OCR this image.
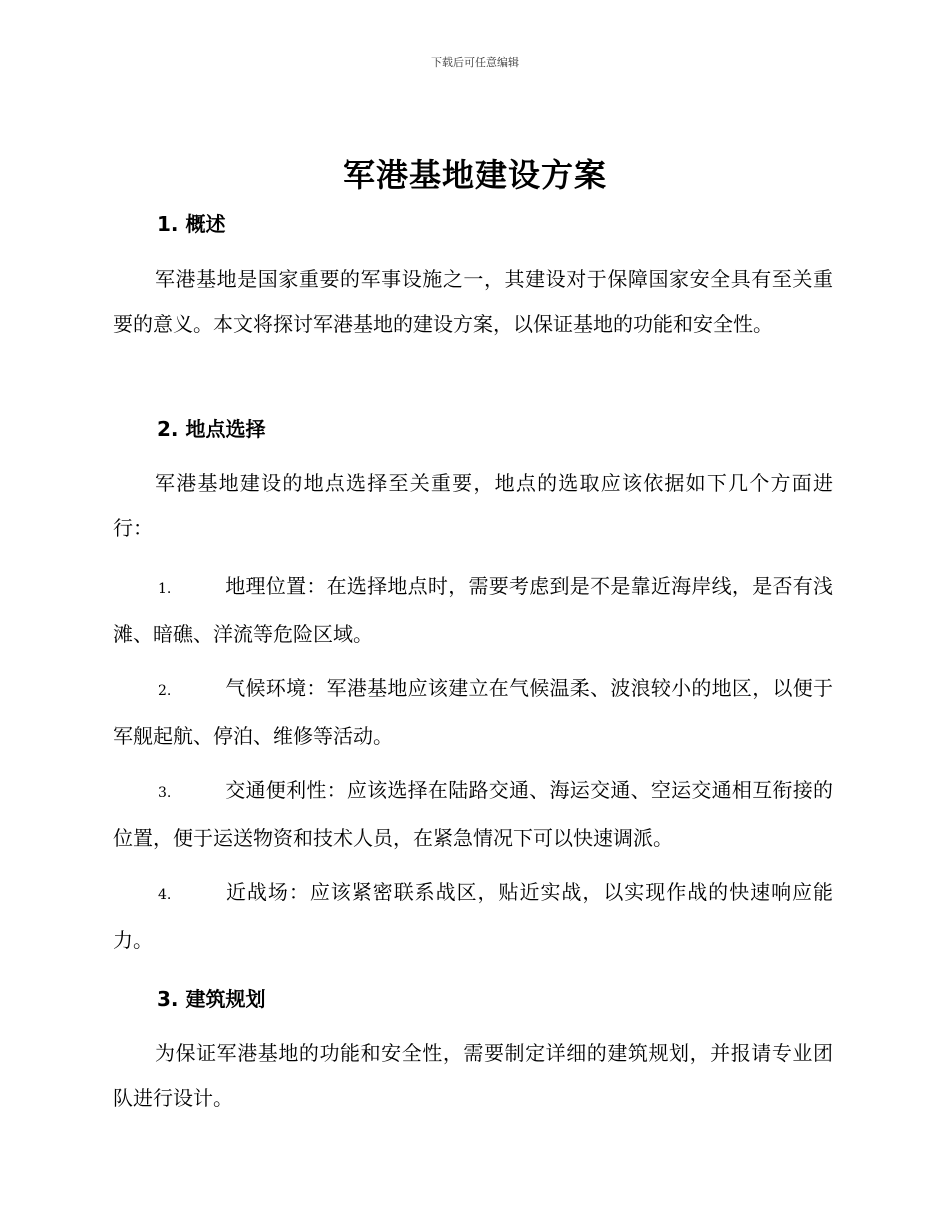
下载后可任意编辑
军港基地建设方案
1. 概述
军港基地是国家重要的军事设施之一，其建设对于保障国家安全具有至关重要的意义。本文将探讨军港基地的建设方案，以保证基地的功能和安全性。
2. 地点选择
军港基地建设的地点选择至关重要，地点的选取应该依据如下几个方面进行：
1.	地理位置：在选择地点时，需要考虑到是不是靠近海岸线，是否有浅滩、暗礁、洋流等危险区域。
2.	气候环境：军港基地应该建立在气候温柔、波浪较小的地区，以便于军舰起航、停泊、维修等活动。
3.	交通便利性：应该选择在陆路交通、海运交通、空运交通相互衔接的位置，便于运送物资和技术人员，在紧急情况下可以快速调派。
4.	近战场：应该紧密联系战区，贴近实战，以实现作战的快速响应能力。
3. 建筑规划
为保证军港基地的功能和安全性，需要制定详细的建筑规划，并报请专业团队进行设计。
